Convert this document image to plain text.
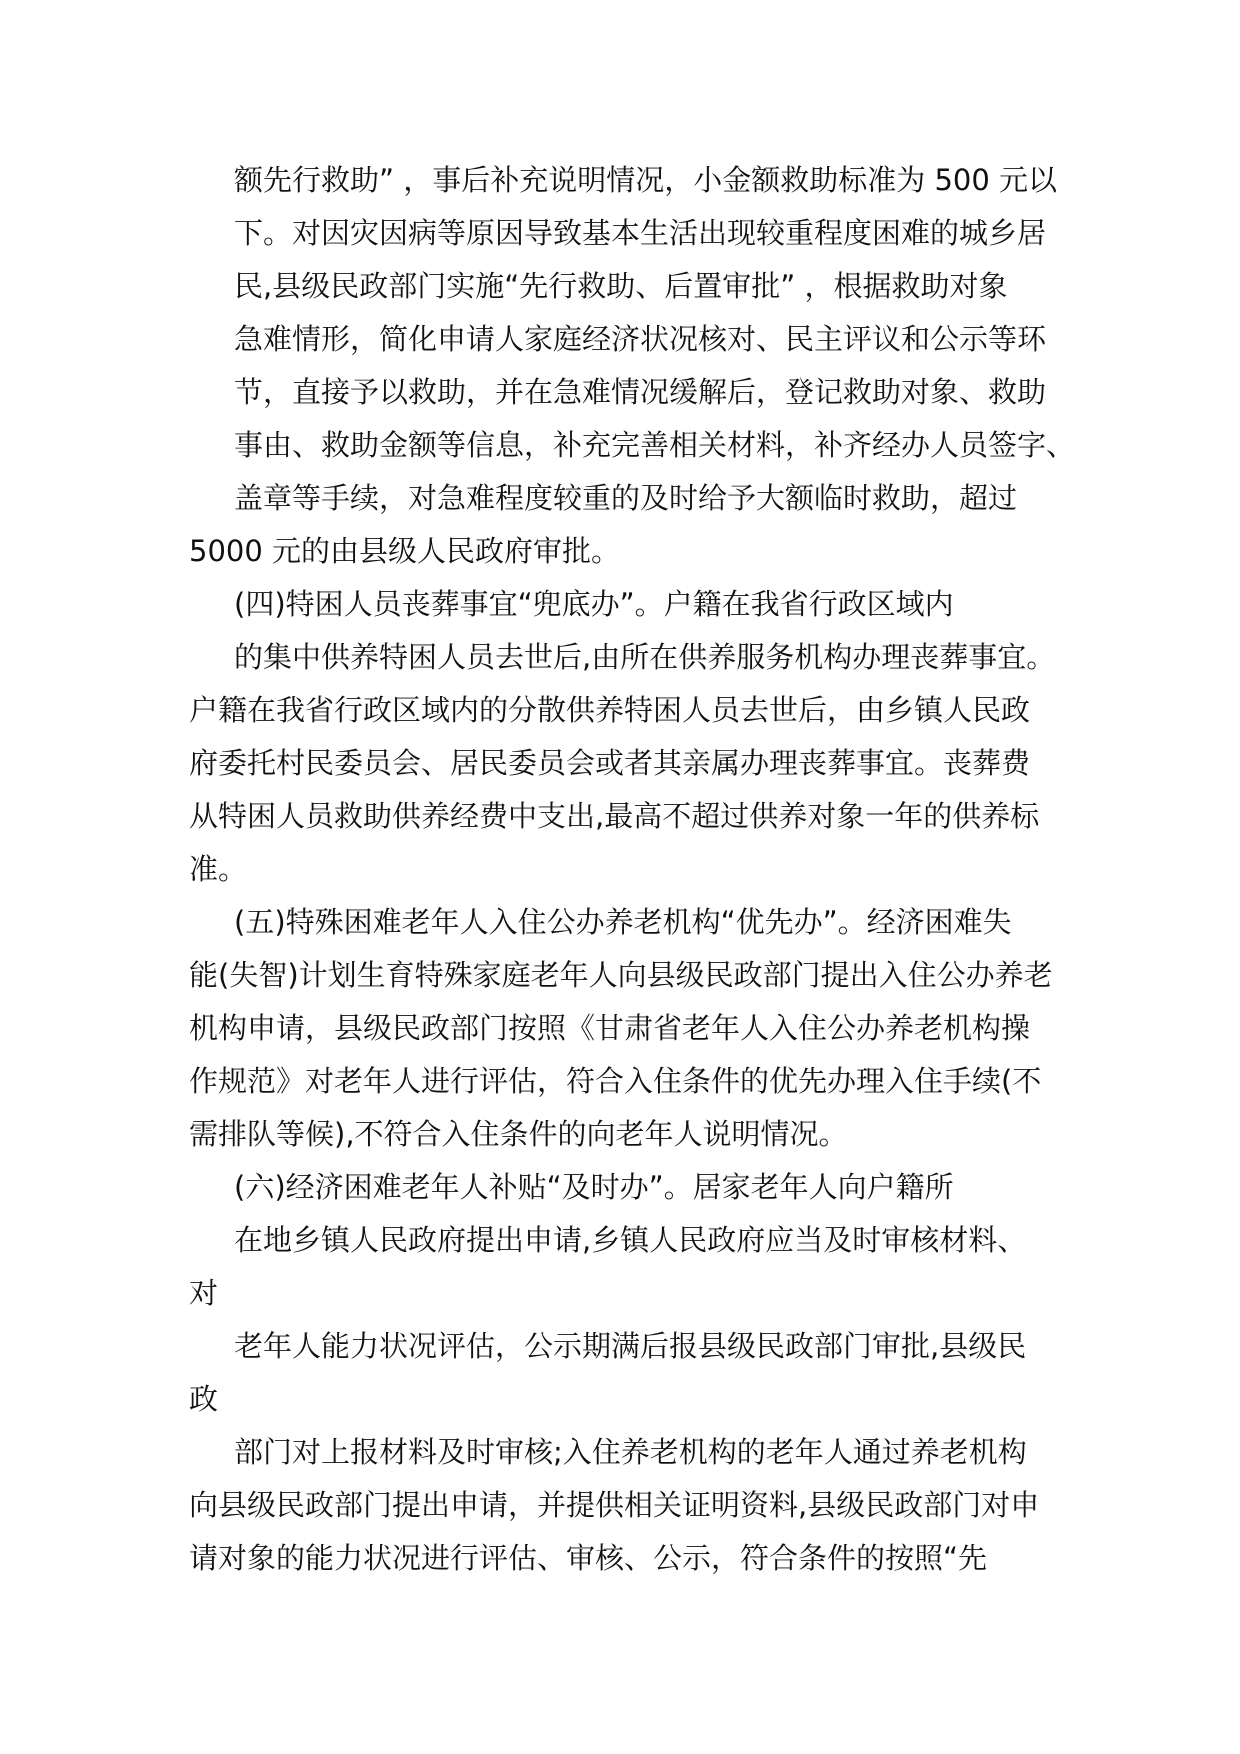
额先行救助” ，事后补充说明情况，小金额救助标准为 500 元以
下。对因灾因病等原因导致基本生活出现较重程度困难的城乡居
民,县级民政部门实施“先行救助、后置审批” ，根据救助对象
急难情形，简化申请人家庭经济状况核对、民主评议和公示等环
节，直接予以救助，并在急难情况缓解后，登记救助对象、救助
事由、救助金额等信息，补充完善相关材料，补齐经办人员签字、
盖章等手续，对急难程度较重的及时给予大额临时救助，超过
5000 元的由县级人民政府审批。
(四)特困人员丧葬事宜“兜底办”。户籍在我省行政区域内
的集中供养特困人员去世后,由所在供养服务机构办理丧葬事宜。
户籍在我省行政区域内的分散供养特困人员去世后，由乡镇人民政
府委托村民委员会、居民委员会或者其亲属办理丧葬事宜。丧葬费
从特困人员救助供养经费中支出,最高不超过供养对象一年的供养标
准。
(五)特殊困难老年人入住公办养老机构“优先办”。经济困难失
能(失智)计划生育特殊家庭老年人向县级民政部门提出入住公办养老
机构申请，县级民政部门按照《甘肃省老年人入住公办养老机构操
作规范》对老年人进行评估，符合入住条件的优先办理入住手续(不
需排队等候),不符合入住条件的向老年人说明情况。
(六)经济困难老年人补贴“及时办”。居家老年人向户籍所
在地乡镇人民政府提出申请,乡镇人民政府应当及时审核材料、
对
老年人能力状况评估，公示期满后报县级民政部门审批,县级民
政
部门对上报材料及时审核;入住养老机构的老年人通过养老机构
向县级民政部门提出申请，并提供相关证明资料,县级民政部门对申
请对象的能力状况进行评估、审核、公示，符合条件的按照“先
